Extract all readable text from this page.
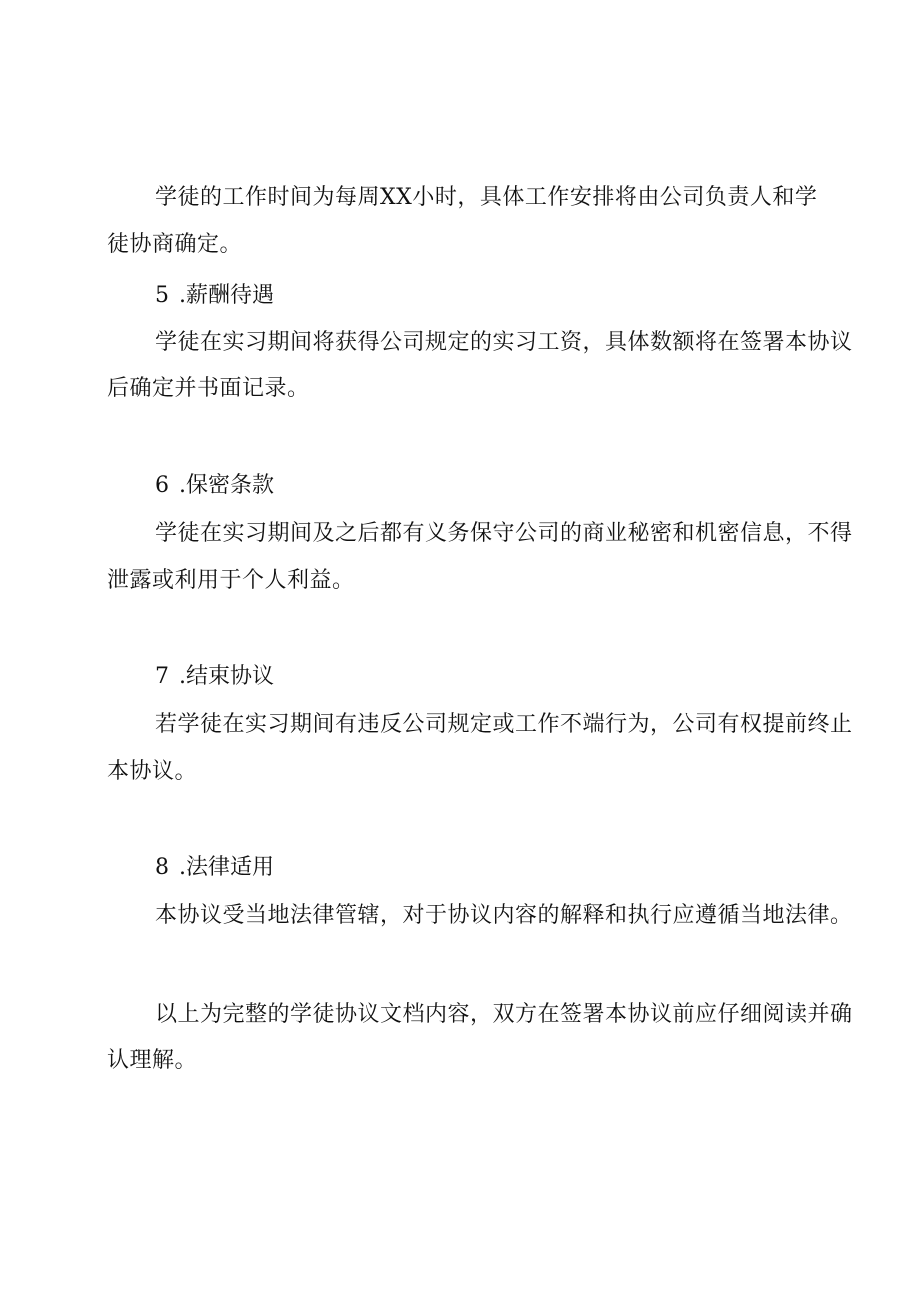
学徒的工作时间为每周XX小时，具体工作安排将由公司负责人和学
徒协商确定。
5 .薪酬待遇
学徒在实习期间将获得公司规定的实习工资，具体数额将在签署本协议
后确定并书面记录。
6 .保密条款
学徒在实习期间及之后都有义务保守公司的商业秘密和机密信息，不得
泄露或利用于个人利益。
7 .结束协议
若学徒在实习期间有违反公司规定或工作不端行为，公司有权提前终止
本协议。
8 .法律适用
本协议受当地法律管辖，对于协议内容的解释和执行应遵循当地法律。
以上为完整的学徒协议文档内容，双方在签署本协议前应仔细阅读并确
认理解。
